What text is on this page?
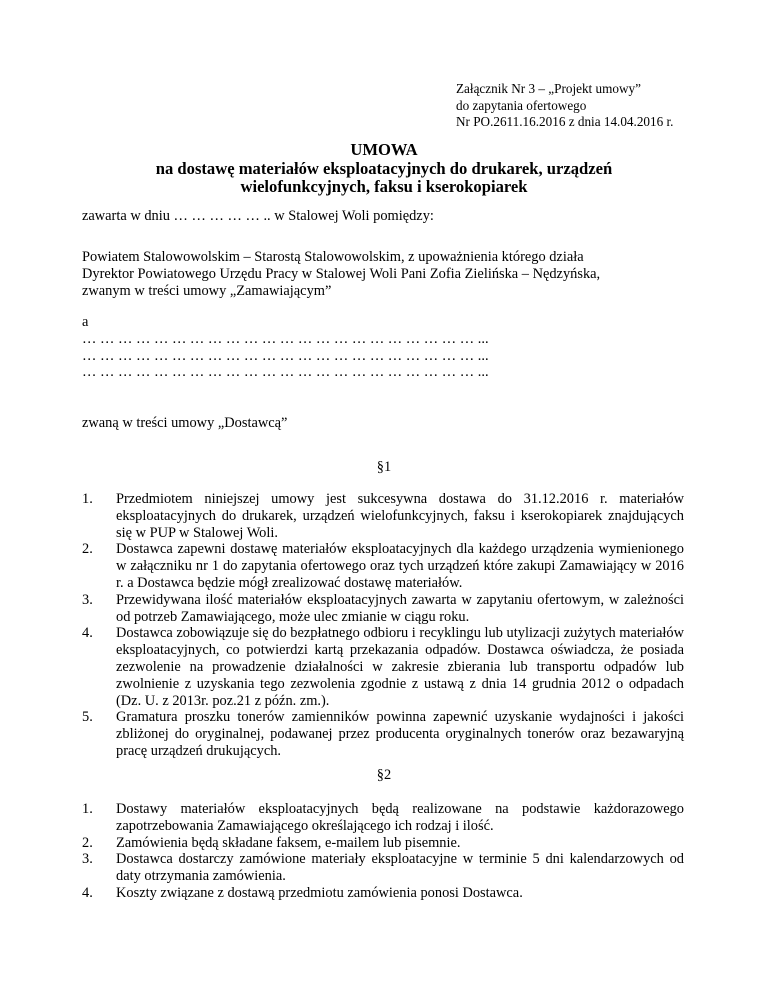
Załącznik Nr 3 – „Projekt umowy”
do zapytania ofertowego
Nr PO.2611.16.2016 z dnia 14.04.2016 r.
UMOWA
na dostawę materiałów eksploatacyjnych do drukarek, urządzeń
wielofunkcyjnych, faksu i kserokopiarek
zawarta w dniu … … … … … .. w Stalowej Woli pomiędzy:
Powiatem Stalowowolskim – Starostą Stalowowolskim, z upoważnienia którego działa
Dyrektor Powiatowego Urzędu Pracy w Stalowej Woli Pani Zofia Zielińska – Nędzyńska,
zwanym w treści umowy „Zamawiającym”
a
… … … … … … … … … … … … … … … … … … … … … … ...
… … … … … … … … … … … … … … … … … … … … … … ...
… … … … … … … … … … … … … … … … … … … … … … ...
zwaną w treści umowy „Dostawcą”
§1
1. Przedmiotem niniejszej umowy jest sukcesywna dostawa do 31.12.2016 r. materiałów eksploatacyjnych do drukarek, urządzeń wielofunkcyjnych, faksu i kserokopiarek znajdujących się w PUP w Stalowej Woli.
2. Dostawca zapewni dostawę materiałów eksploatacyjnych dla każdego urządzenia wymienionego w załączniku nr 1 do zapytania ofertowego oraz tych urządzeń które zakupi Zamawiający w 2016 r. a Dostawca będzie mógł zrealizować dostawę materiałów.
3. Przewidywana ilość materiałów eksploatacyjnych zawarta w zapytaniu ofertowym, w zależności od potrzeb Zamawiającego, może ulec zmianie w ciągu roku.
4. Dostawca zobowiązuje się do bezpłatnego odbioru i recyklingu lub utylizacji zużytych materiałów eksploatacyjnych, co potwierdzi kartą przekazania odpadów. Dostawca oświadcza, że posiada zezwolenie na prowadzenie działalności w zakresie zbierania lub transportu odpadów lub zwolnienie z uzyskania tego zezwolenia zgodnie z ustawą z dnia 14 grudnia 2012 o odpadach (Dz. U. z 2013r. poz.21 z późn. zm.).
5. Gramatura proszku tonerów zamienników powinna zapewnić uzyskanie wydajności i jakości zbliżonej do oryginalnej, podawanej przez producenta oryginalnych tonerów oraz bezawaryjną pracę urządzeń drukujących.
§2
1. Dostawy materiałów eksploatacyjnych będą realizowane na podstawie każdorazowego zapotrzebowania Zamawiającego określającego ich rodzaj i ilość.
2. Zamówienia będą składane faksem, e-mailem lub pisemnie.
3. Dostawca dostarczy zamówione materiały eksploatacyjne w terminie 5 dni kalendarzowych od daty otrzymania zamówienia.
4. Koszty związane z dostawą przedmiotu zamówienia ponosi Dostawca.
